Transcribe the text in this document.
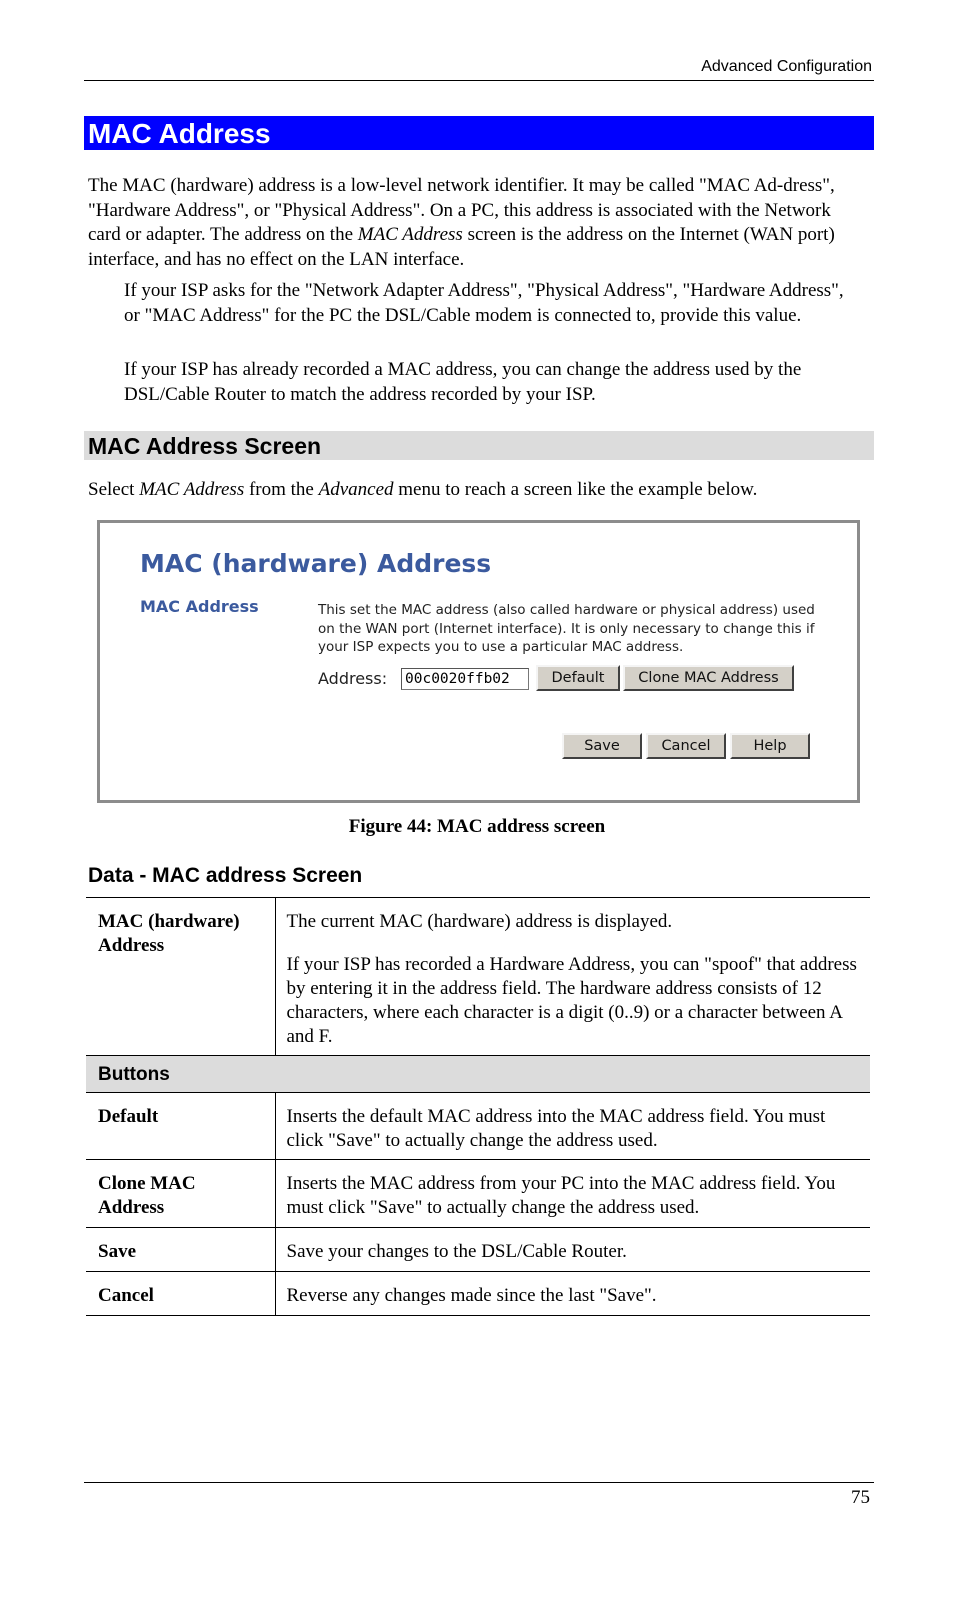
Advanced Configuration
MAC Address
The MAC (hardware) address is a low-level network identifier. It may be called "MAC Ad-dress", "Hardware Address", or "Physical Address". On a PC, this address is associated with the Network card or adapter. The address on the MAC Address screen is the address on the Internet (WAN port) interface, and has no effect on the LAN interface.
If your ISP asks for the "Network Adapter Address", "Physical Address", "Hardware Address", or "MAC Address" for the PC the DSL/Cable modem is connected to, provide this value.
If your ISP has already recorded a MAC address, you can change the address used by the DSL/Cable Router to match the address recorded by your ISP.
MAC Address Screen
Select MAC Address from the Advanced menu to reach a screen like the example below.
MAC (hardware) Address
MAC Address	This set the MAC address (also called hardware or physical address) used on the WAN port (Internet interface). It is only necessary to change this if your ISP expects you to use a particular MAC address.
Address: 00c0020ffb02	Default	Clone MAC Address
Save	Cancel	Help
Figure 44: MAC address screen
Data - MAC address Screen
MAC (hardware) Address	The current MAC (hardware) address is displayed.

If your ISP has recorded a Hardware Address, you can "spoof" that address by entering it in the address field. The hardware address consists of 12 characters, where each character is a digit (0..9) or a character between A and F.

Buttons	
Default	Inserts the default MAC address into the MAC address field. You must click "Save" to actually change the address used.
Clone MAC Address	Inserts the MAC address from your PC into the MAC address field. You must click "Save" to actually change the address used.
Save	Save your changes to the DSL/Cable Router.
Cancel	Reverse any changes made since the last "Save".
75
